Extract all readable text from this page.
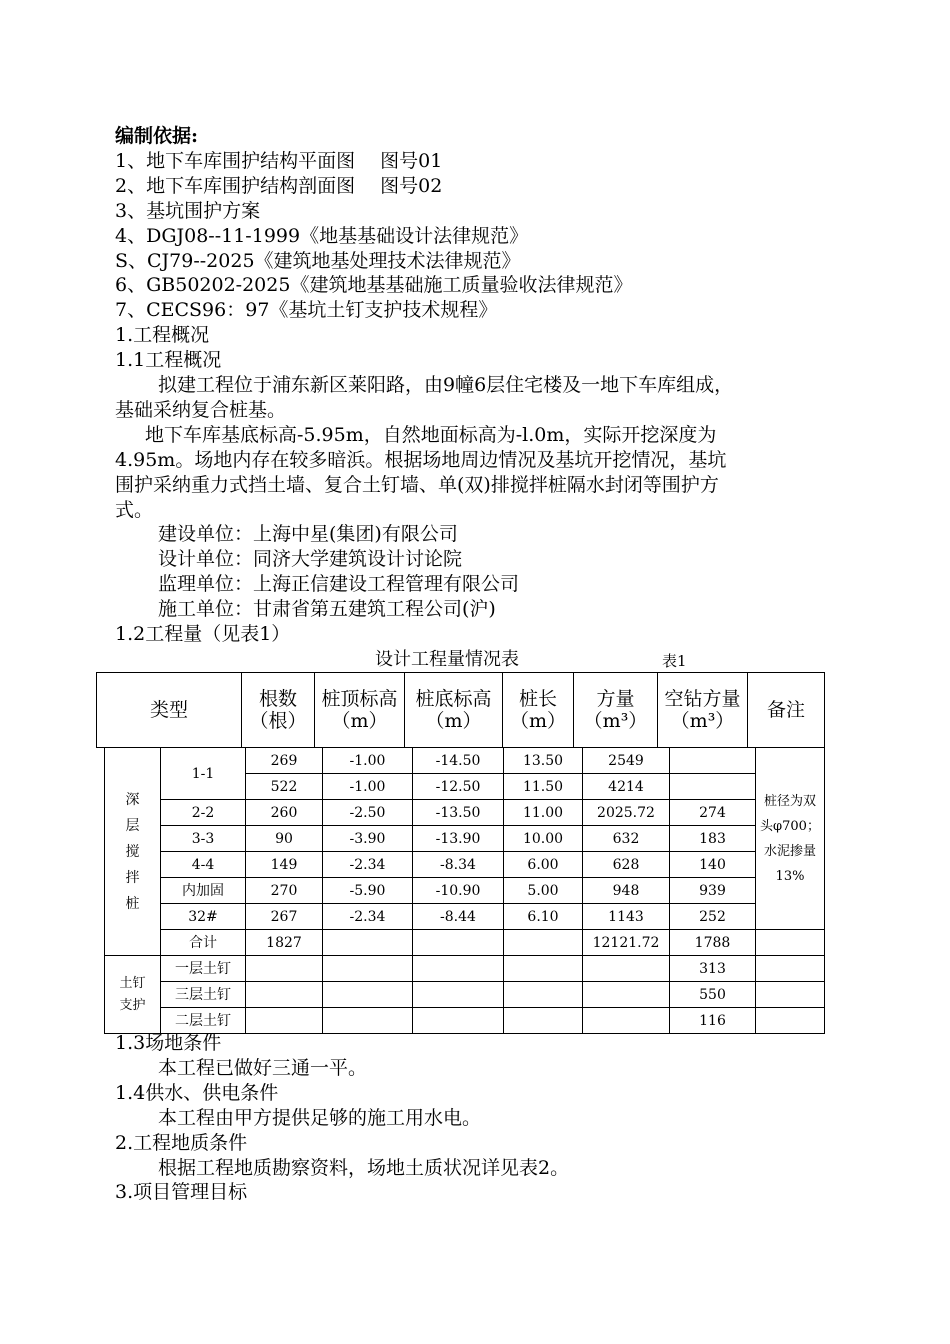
编制依据:
1、地下车库围护结构平面图　 图号01
2、地下车库围护结构剖面图　 图号02
3、基坑围护方案
4、DGJ08--11-1999《地基基础设计法律规范》
S、CJ79--2025《建筑地基处理技术法律规范》
6、GB50202-2025《建筑地基基础施工质量验收法律规范》
7、CECS96：97《基坑土钉支护技术规程》
1.工程概况
1.1工程概况
拟建工程位于浦东新区莱阳路，由9幢6层住宅楼及一地下车库组成，
基础采纳复合桩基。
地下车库基底标高-5.95m，自然地面标高为-l.0m，实际开挖深度为
4.95m。场地内存在较多暗浜。根据场地周边情况及基坑开挖情况，基坑
围护采纳重力式挡土墙、复合土钉墙、单(双)排搅拌桩隔水封闭等围护方
式。
建设单位：上海中星(集团)有限公司
设计单位：同济大学建筑设计讨论院
监理单位：上海正信建设工程管理有限公司
施工单位：甘肃省第五建筑工程公司(沪)
1.2工程量（见表1）
设计工程量情况表	表1
类型	根数（根）	桩顶标高（m）	桩底标高（m）	桩长（m）	方量（m³）	空钻方量（m³）	备注
深层搅拌桩	1-1	269	-1.00	-14.50	13.50	2549		桩径为双头φ700；水泥掺量13%
		522	-1.00	-12.50	11.50	4214		
	2-2	260	-2.50	-13.50	11.00	2025.72	274	
	3-3	90	-3.90	-13.90	10.00	632	183	
	4-4	149	-2.34	-8.34	6.00	628	140	
	内加固	270	-5.90	-10.90	5.00	948	939	
	32#	267	-2.34	-8.44	6.10	1143	252	
	合计	1827				12121.72	1788	
土钉支护	一层土钉						313	
	三层土钉						550	
	二层土钉						116	
1.3场地条件
本工程已做好三通一平。
1.4供水、供电条件
本工程由甲方提供足够的施工用水电。
2.工程地质条件
根据工程地质勘察资料，场地土质状况详见表2。
3.项目管理目标
